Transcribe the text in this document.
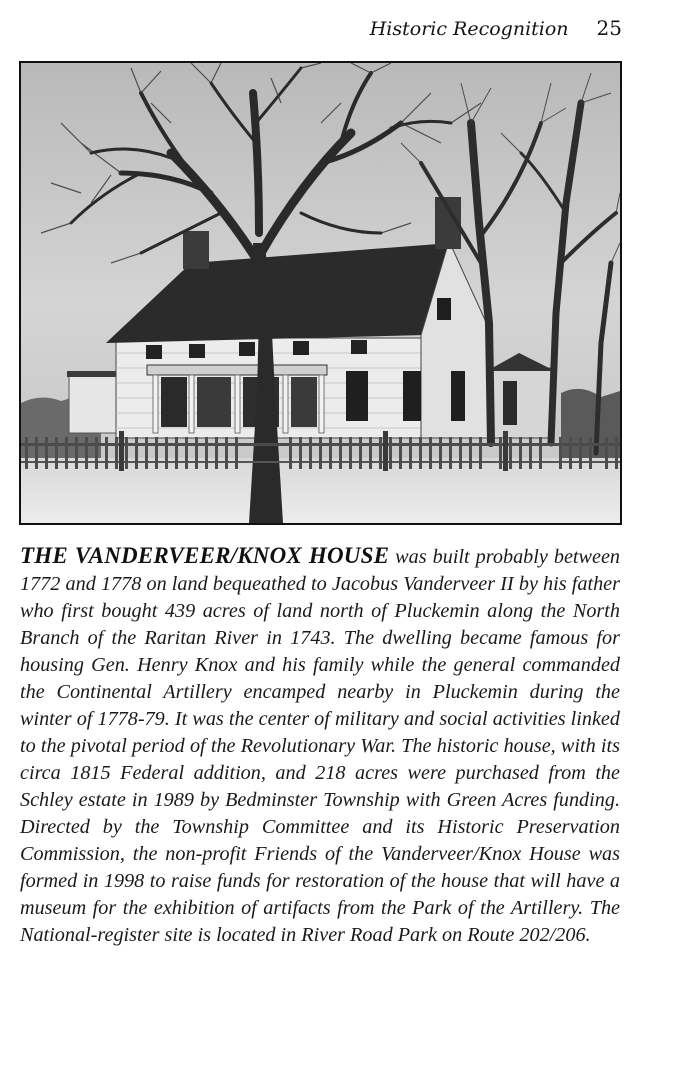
Historic Recognition 25
THE VANDERVEER/KNOX HOUSE was built probably between 1772 and 1778 on land bequeathed to Jacobus Vanderveer II by his father who first bought 439 acres of land north of Pluckemin along the North Branch of the Raritan River in 1743. The dwelling became famous for housing Gen. Henry Knox and his family while the general commanded the Continental Artillery encamped nearby in Pluckemin during the winter of 1778-79. It was the center of military and social activities linked to the pivotal period of the Revolutionary War. The historic house, with its circa 1815 Federal addition, and 218 acres were purchased from the Schley estate in 1989 by Bedminster Township with Green Acres funding. Directed by the Township Committee and its Historic Preservation Commission, the non-profit Friends of the Vanderveer/Knox House was formed in 1998 to raise funds for restoration of the house that will have a museum for the exhibition of artifacts from the Park of the Artillery. The National-register site is located in River Road Park on Route 202/206.
